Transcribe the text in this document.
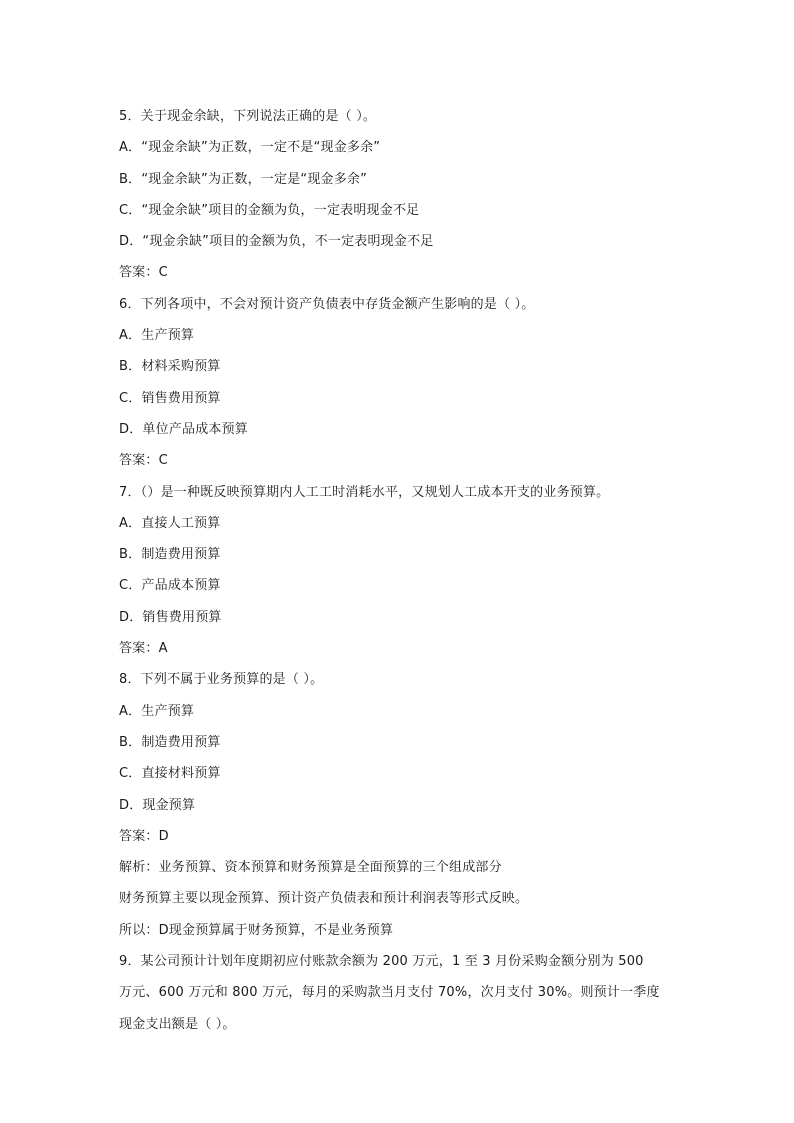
5．关于现金余缺，下列说法正确的是（ ）。
A．“现金余缺”为正数，一定不是“现金多余”
B．“现金余缺”为正数，一定是“现金多余”
C．“现金余缺”项目的金额为负，一定表明现金不足
D．“现金余缺”项目的金额为负，不一定表明现金不足
答案：C
6．下列各项中，不会对预计资产负债表中存货金额产生影响的是（ ）。
A．生产预算
B．材料采购预算
C．销售费用预算
D．单位产品成本预算
答案：C
7．（）是一种既反映预算期内人工工时消耗水平，又规划人工成本开支的业务预算。
A．直接人工预算
B．制造费用预算
C．产品成本预算
D．销售费用预算
答案：A
8．下列不属于业务预算的是（ ）。
A．生产预算
B．制造费用预算
C．直接材料预算
D．现金预算
答案：D
解析：业务预算、资本预算和财务预算是全面预算的三个组成部分
财务预算主要以现金预算、预计资产负债表和预计利润表等形式反映。
所以：D现金预算属于财务预算，不是业务预算
9．某公司预计计划年度期初应付账款余额为 200 万元，1 至 3 月份采购金额分别为 500
万元、600 万元和 800 万元，每月的采购款当月支付 70%，次月支付 30%。则预计一季度
现金支出额是（ ）。
